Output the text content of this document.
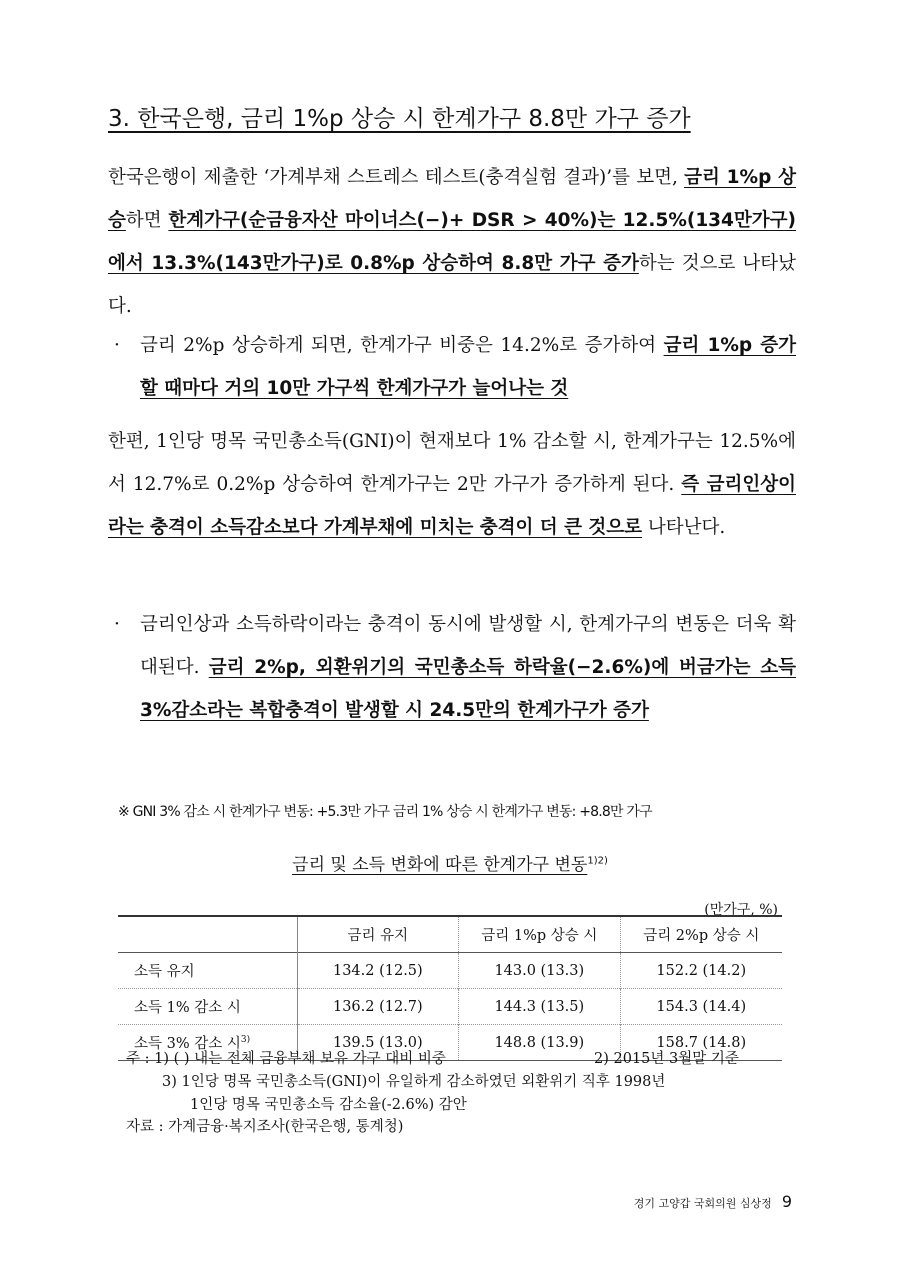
3. 한국은행, 금리 1%p 상승 시 한계가구 8.8만 가구 증가
한국은행이 제출한 ‘가계부채 스트레스 테스트(충격실험 결과)’를 보면, 금리 1%p 상승하면 한계가구(순금융자산 마이너스(−)+ DSR > 40%)는 12.5%(134만가구)에서 13.3%(143만가구)로 0.8%p 상승하여 8.8만 가구 증가하는 것으로 나타났다.
· 금리 2%p 상승하게 되면, 한계가구 비중은 14.2%로 증가하여 금리 1%p 증가할 때마다 거의 10만 가구씩 한계가구가 늘어나는 것
한편, 1인당 명목 국민총소득(GNI)이 현재보다 1% 감소할 시, 한계가구는 12.5%에서 12.7%로 0.2%p 상승하여 한계가구는 2만 가구가 증가하게 된다. 즉 금리인상이라는 충격이 소득감소보다 가계부채에 미치는 충격이 더 큰 것으로 나타난다.
· 금리인상과 소득하락이라는 충격이 동시에 발생할 시, 한계가구의 변동은 더욱 확대된다. 금리 2%p, 외환위기의 국민총소득 하락율(−2.6%)에 버금가는 소득 3%감소라는 복합충격이 발생할 시 24.5만의 한계가구가 증가
※ GNI 3% 감소 시 한계가구 변동: +5.3만 가구 금리 1% 상승 시 한계가구 변동: +8.8만 가구
금리 및 소득 변화에 따른 한계가구 변동$^{1)2)}$
(만가구, %)
	금리 유지	금리 1%p 상승 시	금리 2%p 상승 시
소득 유지	134.2 (12.5)	143.0 (13.3)	152.2 (14.2)
소득 1% 감소 시	136.2 (12.7)	144.3 (13.5)	154.3 (14.4)
소득 3% 감소 시$^{3)}$	139.5 (13.0)	148.8 (13.9)	158.7 (14.8)
주 : 1) ( ) 내는 전체 금융부채 보유 가구 대비 비중	2) 2015년 3월말 기준
3) 1인당 명목 국민총소득(GNI)이 유일하게 감소하였던 외환위기 직후 1998년
1인당 명목 국민총소득 감소율(-2.6%) 감안
자료 : 가계금융·복지조사(한국은행, 통계청)
경기 고양갑 국회의원 심상정 9
